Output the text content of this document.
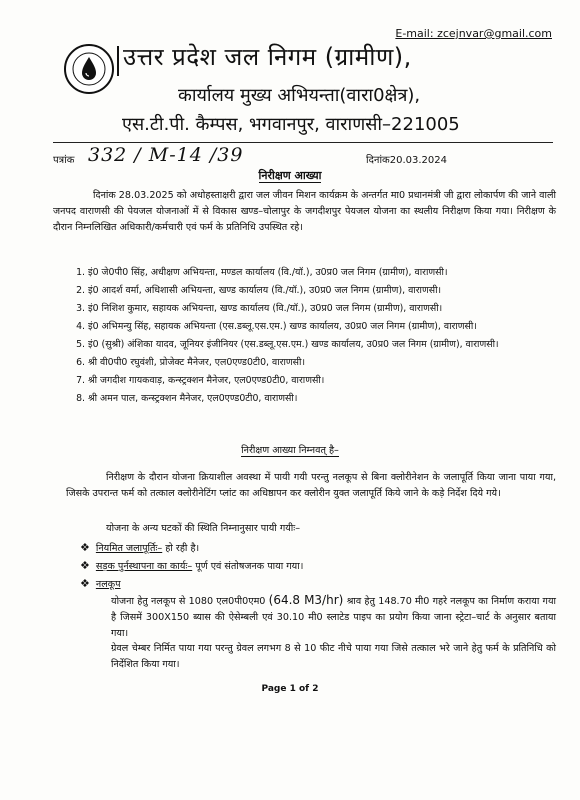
E-mail: zcejnvar@gmail.com
उत्तर प्रदेश जल निगम (ग्रामीण),
कार्यालय मुख्य अभियन्ता(वारा0क्षेत्र),
एस.टी.पी. कैम्पस, भगवानपुर, वाराणसी–221005
पत्रांक 332 / M-14 /39	दिनांक20.03.2024
निरीक्षण आख्या
दिनांक 28.03.2025 को अधोहस्ताक्षरी द्वारा जल जीवन मिशन कार्यक्रम के अन्तर्गत मा0 प्रधानमंत्री जी द्वारा लोकार्पण की जाने वाली जनपद वाराणसी की पेयजल योजनाओं में से विकास खण्ड–चोलापुर के जगदीशपुर पेयजल योजना का स्थलीय निरीक्षण किया गया। निरीक्षण के दौरान निम्नलिखित अधिकारी/कर्मचारी एवं फर्म के प्रतिनिधि उपस्थित रहे।
1. इं0 जे0पी0 सिंह, अधीक्षण अभियन्ता, मण्डल कार्यालय (वि./यॉ.), उ0प्र0 जल निगम (ग्रामीण), वाराणसी।
2. इं0 आदर्श वर्मा, अधिशासी अभियन्ता, खण्ड कार्यालय (वि./यॉ.), उ0प्र0 जल निगम (ग्रामीण), वाराणसी।
3. इं0 निशिश कुमार, सहायक अभियन्ता, खण्ड कार्यालय (वि./यॉ.), उ0प्र0 जल निगम (ग्रामीण), वाराणसी।
4. इं0 अभिमन्यु सिंह, सहायक अभियन्ता (एस.डब्लू.एस.एम.) खण्ड कार्यालय, उ0प्र0 जल निगम (ग्रामीण), वाराणसी।
5. इं0 (सुश्री) अंशिका यादव, जूनियर इंजीनियर (एस.डब्लू.एस.एम.) खण्ड कार्यालय, उ0प्र0 जल निगम (ग्रामीण), वाराणसी।
6. श्री वी0पी0 रघुवंशी, प्रोजेक्ट मैनेजर, एल0एण्ड0टी0, वाराणसी।
7. श्री जगदीश गायकवाड़, कन्स्ट्रक्शन मैनेजर, एल0एण्ड0टी0, वाराणसी।
8. श्री अमन पाल, कन्स्ट्रक्शन मैनेजर, एल0एण्ड0टी0, वाराणसी।
निरीक्षण आख्या निम्नवत् है–
निरीक्षण के दौरान योजना क्रियाशील अवस्था में पायी गयी परन्तु नलकूप से बिना क्लोरीनेशन के जलापूर्ति किया जाना पाया गया, जिसके उपरान्त फर्म को तत्काल क्लोरीनेटिंग प्लांट का अधिष्ठापन कर क्लोरीन युक्त जलापूर्ति किये जाने के कड़े निर्देश दिये गये।
योजना के अन्य घटकों की स्थिति निम्नानुसार पायी गयीः–
❖ नियमित जलापूर्तिः– हो रही है।
❖ सड़क पुर्नस्थापना का कार्यः– पूर्ण एवं संतोषजनक पाया गया।
❖ नलकूप
योजना हेतु नलकूप से 1080 एल0पी0एम0 (64.8 M3/hr) श्राव हेतु 148.70 मी0 गहरे नलकूप का निर्माण कराया गया है जिसमें 300X150 ब्यास की ऐसेम्बली एवं 30.10 मी0 स्लाटेड पाइप का प्रयोग किया जाना स्ट्रेटा–चार्ट के अनुसार बताया गया।
ग्रेवल चेम्बर निर्मित पाया गया परन्तु ग्रेवल लगभग 8 से 10 फीट नीचे पाया गया जिसे तत्काल भरे जाने हेतु फर्म के प्रतिनिधि को निर्देशित किया गया।
Page 1 of 2
